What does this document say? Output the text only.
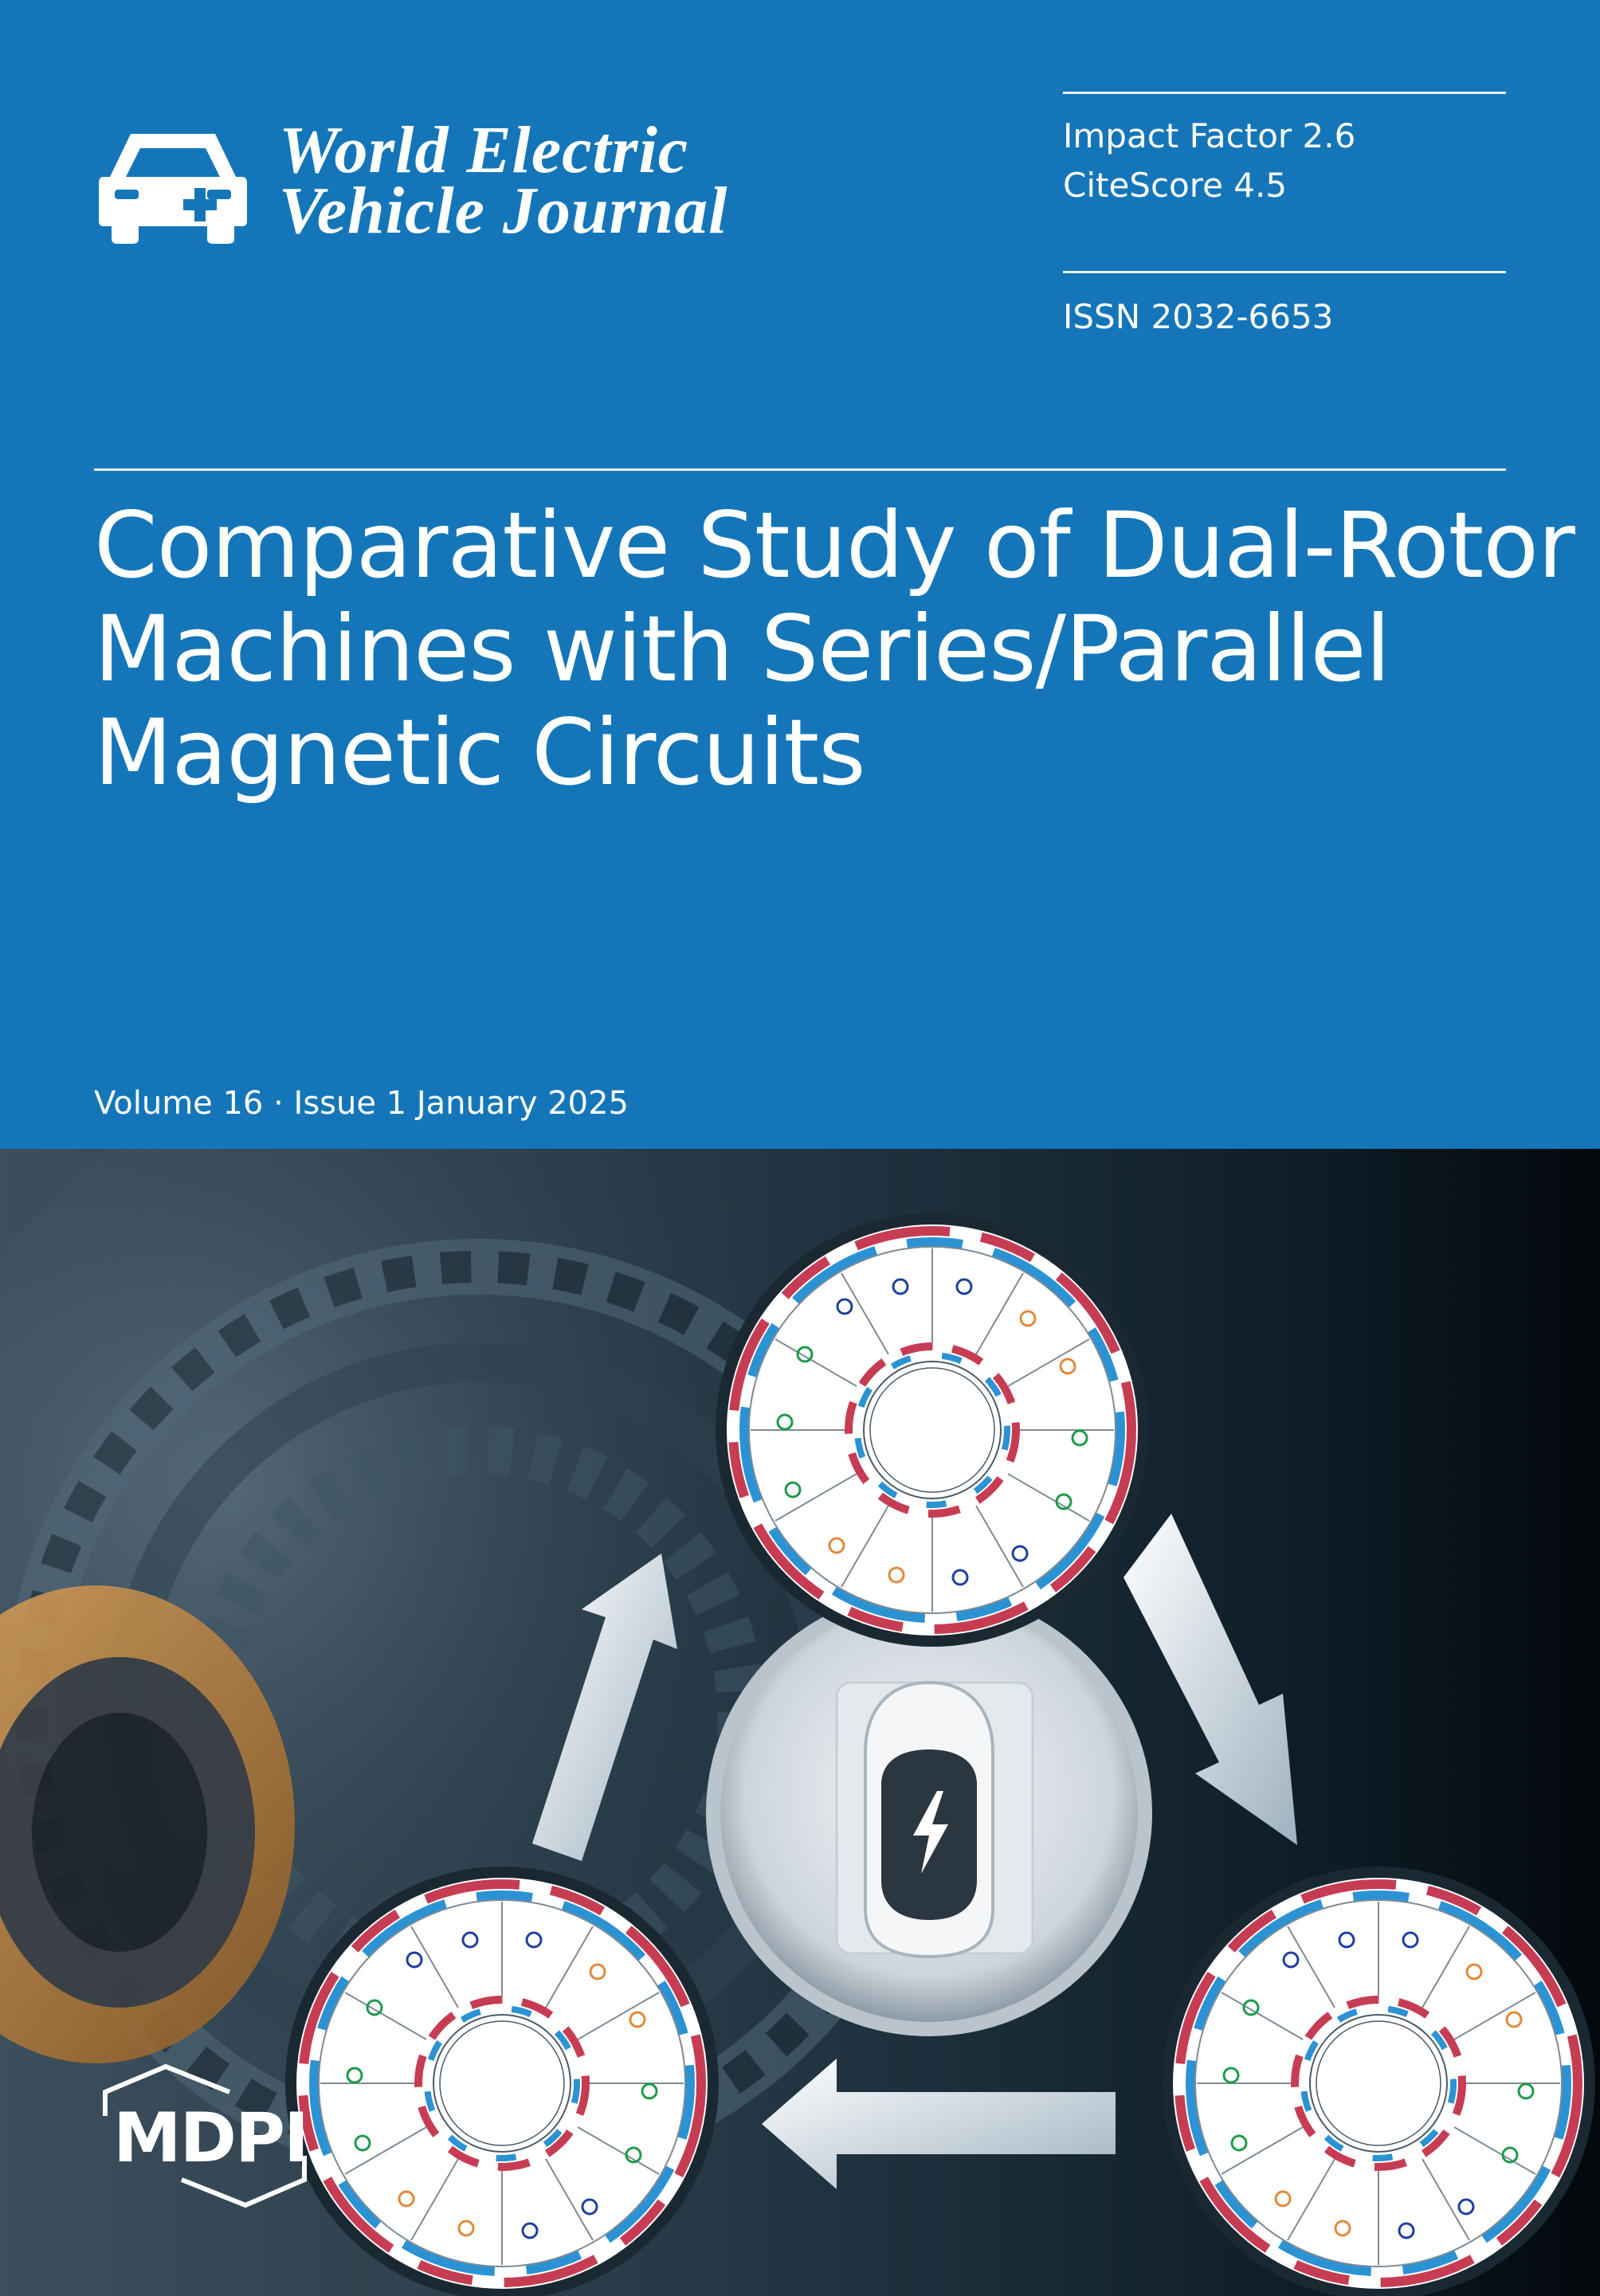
World Electric
Vehicle Journal
Impact Factor 2.6
CiteScore 4.5
ISSN 2032-6653
Comparative Study of Dual-Rotor
Machines with Series/Parallel
Magnetic Circuits
Volume 16 · Issue 1 January 2025
MDPI
